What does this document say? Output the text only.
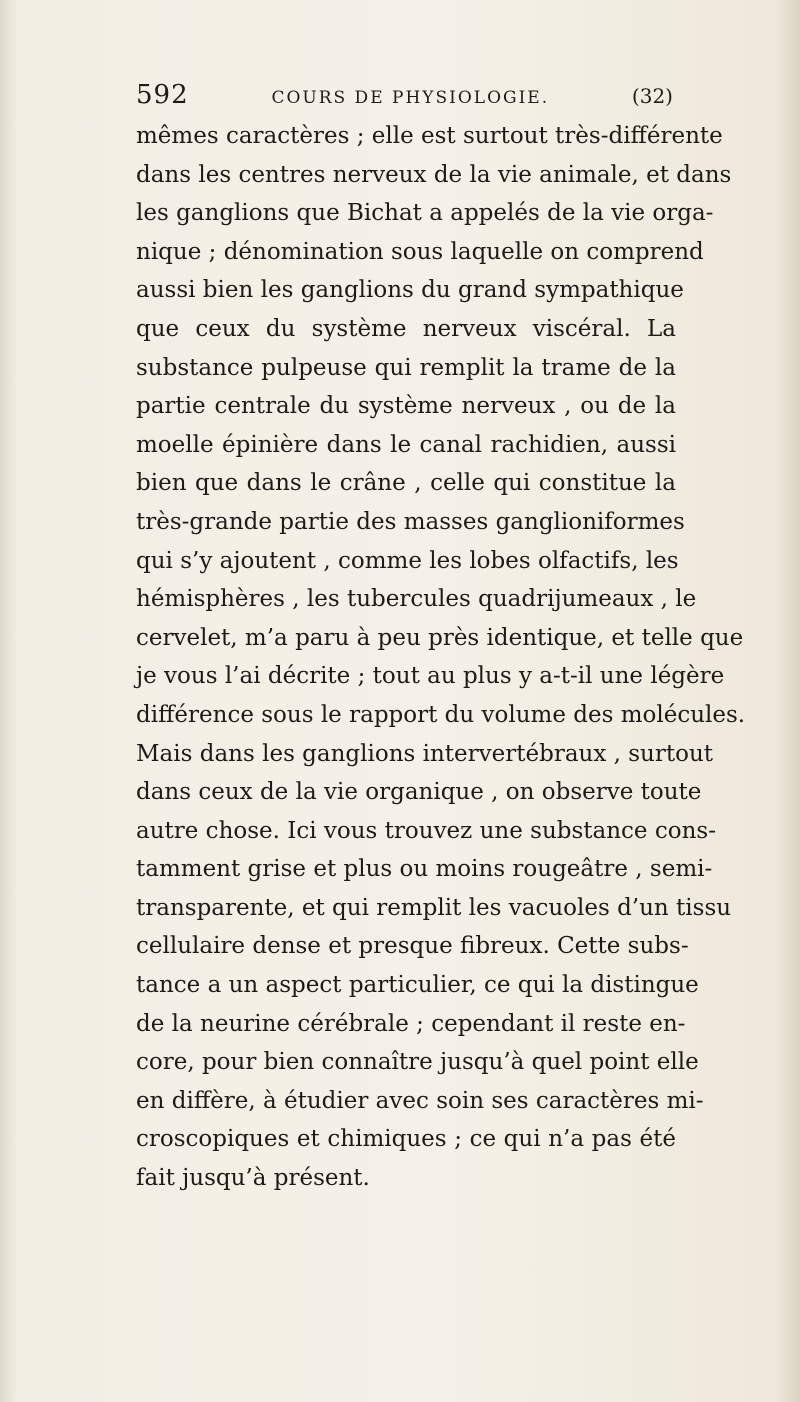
592	COURS DE PHYSIOLOGIE.	(32)
mêmes caractères ; elle est surtout très-différente
dans les centres nerveux de la vie animale, et dans
les ganglions que Bichat a appelés de la vie orga-
nique ; dénomination sous laquelle on comprend
aussi bien les ganglions du grand sympathique
que ceux du système nerveux viscéral. La
substance pulpeuse qui remplit la trame de la
partie centrale du système nerveux , ou de la
moelle épinière dans le canal rachidien, aussi
bien que dans le crâne , celle qui constitue la
très-grande partie des masses ganglioniformes
qui s’y ajoutent , comme les lobes olfactifs, les
hémisphères , les tubercules quadrijumeaux , le
cervelet, m’a paru à peu près identique, et telle que
je vous l’ai décrite ; tout au plus y a-t-il une légère
différence sous le rapport du volume des molécules.
Mais dans les ganglions intervertébraux , surtout
dans ceux de la vie organique , on observe toute
autre chose. Ici vous trouvez une substance cons-
tamment grise et plus ou moins rougeâtre , semi-
transparente, et qui remplit les vacuoles d’un tissu
cellulaire dense et presque fibreux. Cette subs-
tance a un aspect particulier, ce qui la distingue
de la neurine cérébrale ; cependant il reste en-
core, pour bien connaître jusqu’à quel point elle
en diffère, à étudier avec soin ses caractères mi-
croscopiques et chimiques ; ce qui n’a pas été
fait jusqu’à présent.
